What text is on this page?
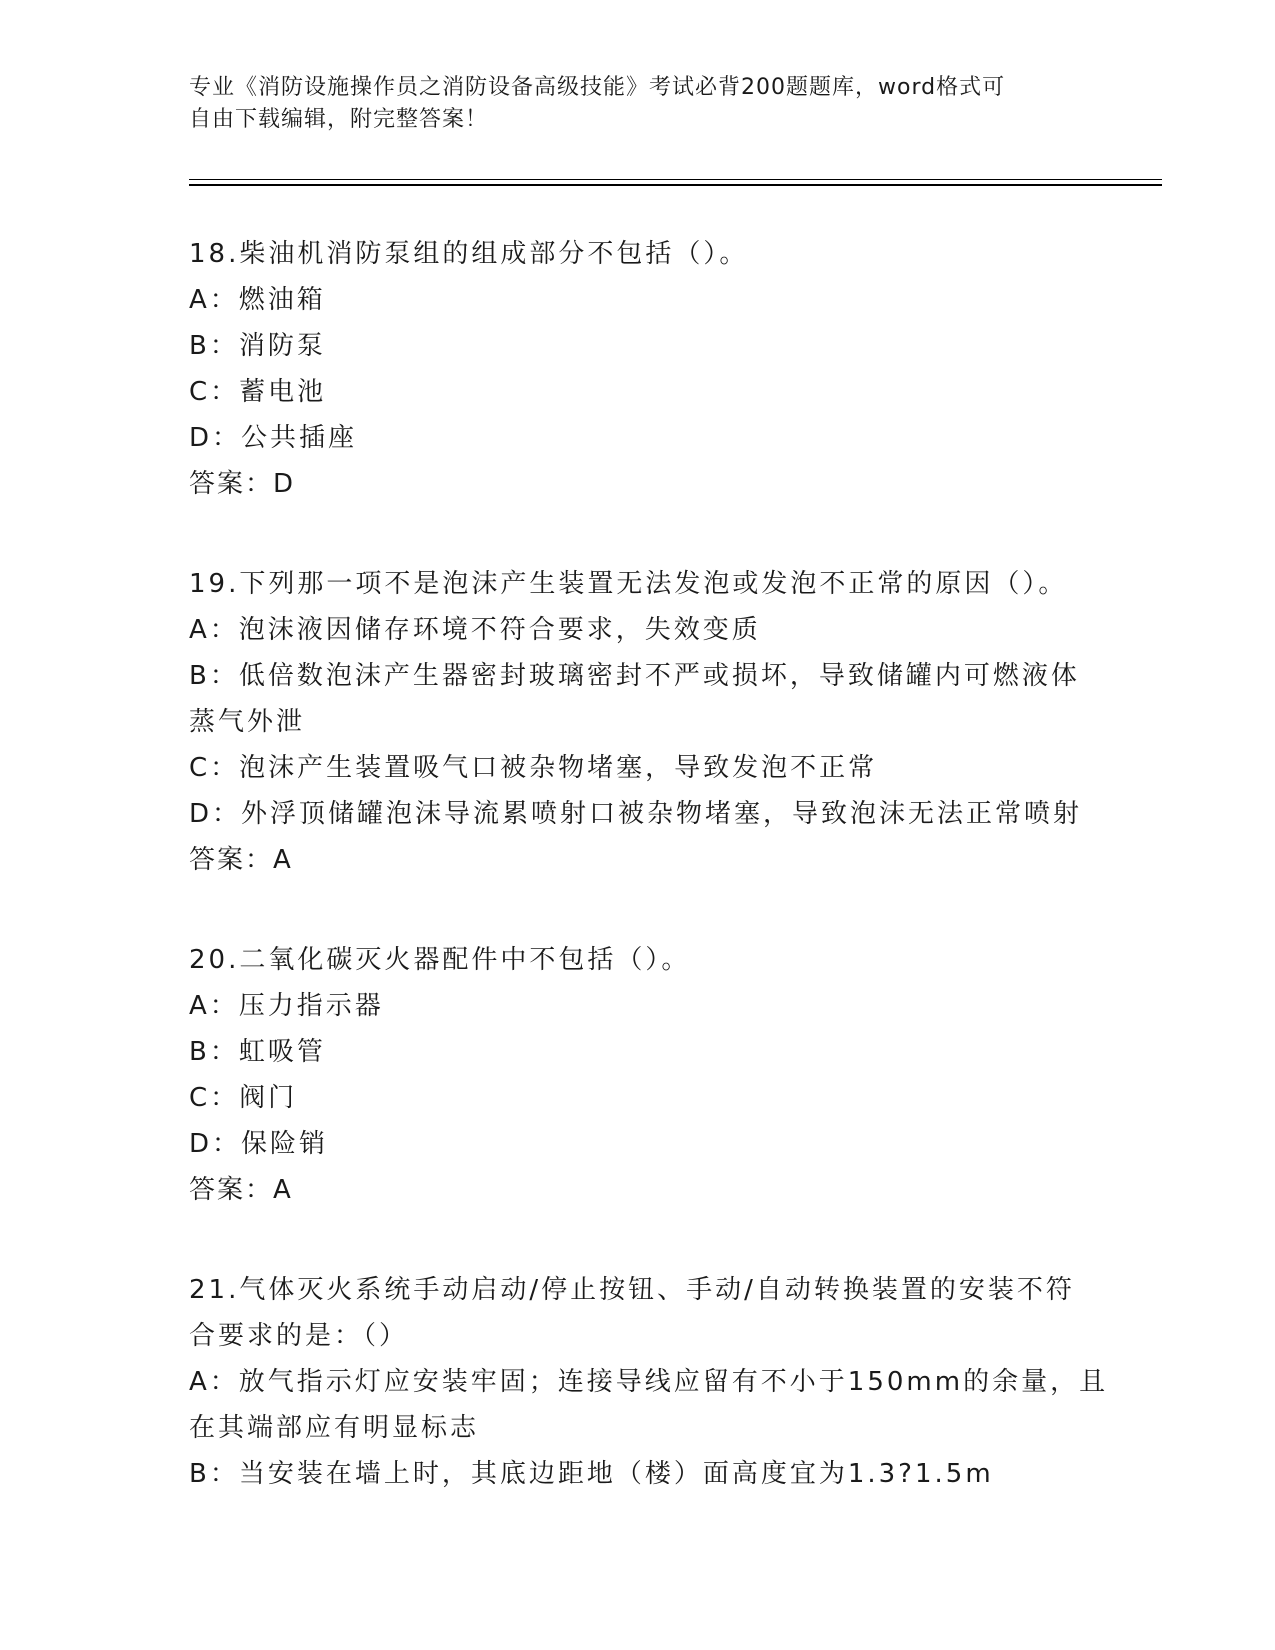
专业《消防设施操作员之消防设备高级技能》考试必背200题题库，word格式可
自由下载编辑，附完整答案！
18.柴油机消防泵组的组成部分不包括（）。
A：燃油箱
B：消防泵
C：蓄电池
D：公共插座
答案：D
19.下列那一项不是泡沫产生装置无法发泡或发泡不正常的原因（）。
A：泡沫液因储存环境不符合要求，失效变质
B：低倍数泡沫产生器密封玻璃密封不严或损坏，导致储罐内可燃液体
蒸气外泄
C：泡沫产生装置吸气口被杂物堵塞，导致发泡不正常
D：外浮顶储罐泡沫导流累喷射口被杂物堵塞，导致泡沫无法正常喷射
答案：A
20.二氧化碳灭火器配件中不包括（）。
A：压力指示器
B：虹吸管
C：阀门
D：保险销
答案：A
21.气体灭火系统手动启动/停止按钮、手动/自动转换装置的安装不符
合要求的是：（）
A：放气指示灯应安装牢固；连接导线应留有不小于150mm的余量，且
在其端部应有明显标志
B：当安装在墙上时，其底边距地（楼）面高度宜为1.3?1.5m
